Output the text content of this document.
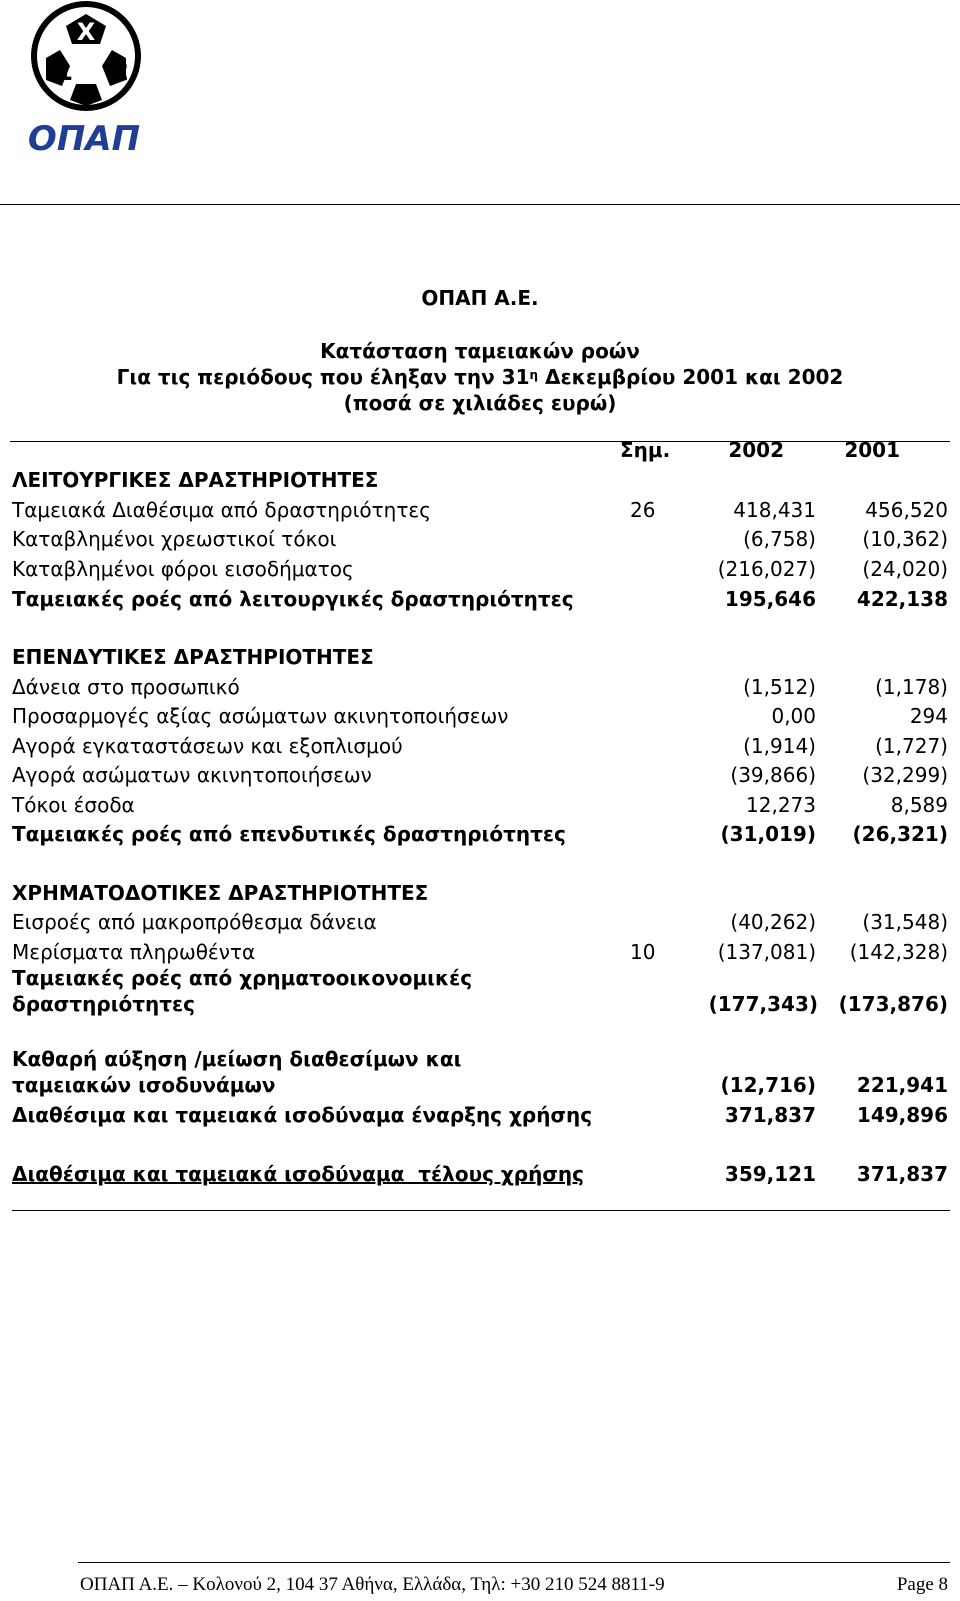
X
1 2
ΟΠΑΠ
ΟΠΑΠ Α.Ε.
Κατάσταση ταμειακών ροών
Για τις περιόδους που έληξαν την $31^\eta$ Δεκεμβρίου 2001 και 2002
(ποσά σε χιλιάδες ευρώ)
Σημ.	2002	2001
ΛΕΙΤΟΥΡΓΙΚΕΣ ΔΡΑΣΤΗΡΙΟΤΗΤΕΣ
Ταμειακά Διαθέσιμα από δραστηριότητες	26	418,431 456,520
Καταβλημένοι χρεωστικοί τόκοι	(6,758) (10,362)
Καταβλημένοι φόροι εισοδήματος	(216,027) (24,020)
Ταμειακές ροές από λειτουργικές δραστηριότητες	195,646 422,138
ΕΠΕΝΔΥΤΙΚΕΣ ΔΡΑΣΤΗΡΙΟΤΗΤΕΣ
Δάνεια στο προσωπικό	(1,512)	(1,178)
Προσαρμογές αξίας ασώματων ακινητοποιήσεων	0,00	294
Αγορά εγκαταστάσεων και εξοπλισμού	(1,914)	(1,727)
Αγορά ασώματων ακινητοποιήσεων	(39,866) (32,299)
Τόκοι έσοδα	12,273	8,589
Ταμειακές ροές από επενδυτικές δραστηριότητες	(31,019) (26,321)
ΧΡΗΜΑΤΟΔΟΤΙΚΕΣ ΔΡΑΣΤΗΡΙΟΤΗΤΕΣ
Εισροές από μακροπρόθεσμα δάνεια	(40,262) (31,548)
Μερίσματα πληρωθέντα	10	(137,081) (142,328)
Ταμειακές ροές από χρηματοοικονομικές
δραστηριότητες	(177,343) (173,876)
Καθαρή αύξηση /μείωση διαθεσίμων και
ταμειακών ισοδυνάμων	(12,716) 221,941
Διαθέσιμα και ταμειακά ισοδύναμα έναρξης χρήσης	371,837 149,896
Διαθέσιμα και ταμειακά ισοδύναμα  τέλους χρήσης	359,121 371,837
ΟΠΑΠ Α.Ε. – Κολονού 2, 104 37 Αθήνα, Ελλάδα, Τηλ: +30 210 524 8811-9	Page 8
